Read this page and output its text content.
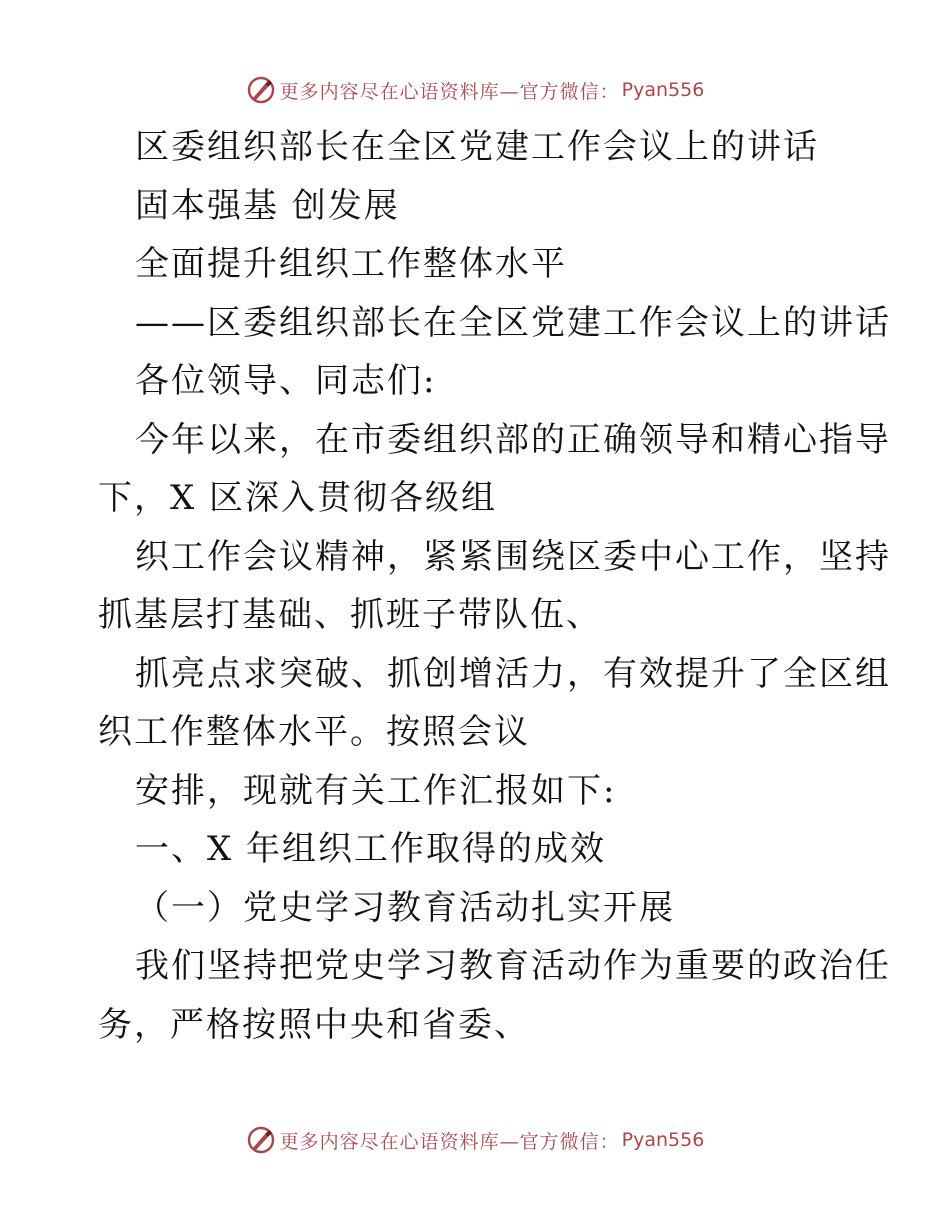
更多内容尽在心语资料库—官方微信： Pyan556
区委组织部长在全区党建工作会议上的讲话
固本强基 创发展
全面提升组织工作整体水平
——区委组织部长在全区党建工作会议上的讲话
各位领导、同志们:
今年以来，在市委组织部的正确领导和精心指导
下，X 区深入贯彻各级组
织工作会议精神，紧紧围绕区委中心工作，坚持
抓基层打基础、抓班子带队伍、
抓亮点求突破、抓创增活力，有效提升了全区组
织工作整体水平。按照会议
安排，现就有关工作汇报如下:
一、X 年组织工作取得的成效
（一）党史学习教育活动扎实开展
我们坚持把党史学习教育活动作为重要的政治任
务，严格按照中央和省委、
更多内容尽在心语资料库—官方微信： Pyan556
